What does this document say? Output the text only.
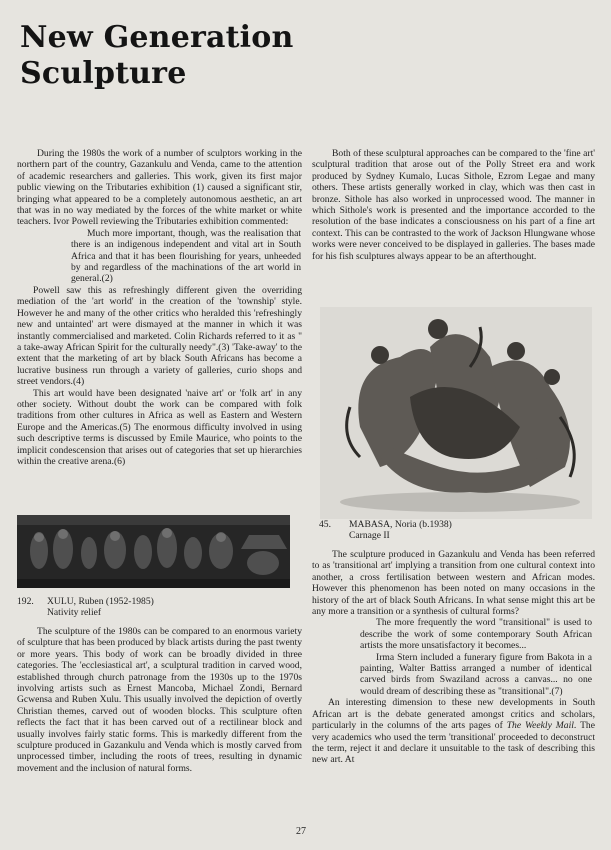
New Generation
Sculpture

During the 1980s the work of a number of sculptors working in the northern part of the country, Gazankulu and Venda, came to the attention of academic researchers and galleries. This work, given its first major public viewing on the Tributaries exhibition (1) caused a significant stir, bringing what appeared to be a completely autonomous aesthetic, an art that was in no way mediated by the forces of the white market or white teachers. Ivor Powell reviewing the Tributaries exhibition commented:

Much more important, though, was the realisation that there is an indigenous independent and vital art in South Africa and that it has been flourishing for years, unheeded by and regardless of the machinations of the art world in general.(2)

Powell saw this as refreshingly different given the overriding mediation of the 'art world' in the creation of the 'township' style. However he and many of the other critics who heralded this 'refreshingly new and untainted' art were dismayed at the manner in which it was instantly commercialised and marketed. Colin Richards referred to it as " a take-away African Spirit for the culturally needy".(3) 'Take-away' to the extent that the marketing of art by black South Africans has become a lucrative business run through a variety of galleries, curio shops and street vendors.(4)

This art would have been designated 'naive art' or 'folk art' in any other society. Without doubt the work can be compared with folk traditions from other cultures in Africa as well as Eastern and Western Europe and the Americas.(5) The enormous difficulty involved in using such descriptive terms is discussed by Emile Maurice, who points to the implicit condescension that arises out of categories that set up hierarchies within the creative arena.(6)

Both of these sculptural approaches can be compared to the 'fine art' sculptural tradition that arose out of the Polly Street era and work produced by Sydney Kumalo, Lucas Sithole, Ezrom Legae and many others. These artists generally worked in clay, which was then cast in bronze. Sithole has also worked in unprocessed wood. The manner in which Sithole's work is presented and the importance accorded to the resolution of the base indicates a consciousness on his part of a fine art context. This can be contrasted to the work of Jackson Hlungwane whose works were never conceived to be displayed in galleries. The bases made for his fish sculptures always appear to be an afterthought.

192. XULU, Ruben (1952-1985)
Nativity relief

The sculpture of the 1980s can be compared to an enormous variety of sculpture that has been produced by black artists during the past twenty or more years. This body of work can be broadly divided in three categories. The 'ecclesiastical art', a sculptural tradition in carved wood, established through church patronage from the 1930s up to the 1970s involving artists such as Ernest Mancoba, Michael Zondi, Bernard Gcwensa and Ruben Xulu. This usually involved the depiction of overtly Christian themes, carved out of wooden blocks. This sculpture often reflects the fact that it has been carved out of a rectilinear block and usually involves fairly static forms. This is markedly different from the sculpture produced in Gazankulu and Venda which is mostly carved from unprocessed timber, including the roots of trees, resulting in dynamic movement and the inclusion of natural forms.

45. MABASA, Noria (b.1938)
Carnage II

The sculpture produced in Gazankulu and Venda has been referred to as 'transitional art' implying a transition from one cultural context into another, a cross fertilisation between western and African modes. However this phenomenon has been noted on many occasions in the history of the art of black South Africans. In what sense might this art be any more a transition or a synthesis of cultural forms?

The more frequently the word "transitional" is used to describe the work of some contemporary South African artists the more unsatisfactory it becomes...

Irma Stern included a funerary figure from Bakota in a painting, Walter Battiss arranged a number of identical carved birds from Swaziland across a canvas... no one would dream of describing these as "transitional".(7)

An interesting dimension to these new developments in South African art is the debate generated amongst critics and scholars, particularly in the columns of the arts pages of The Weekly Mail. The very academics who used the term 'transitional' proceeded to deconstruct the term, reject it and declare it unsuitable to the task of describing this new art. At

27
